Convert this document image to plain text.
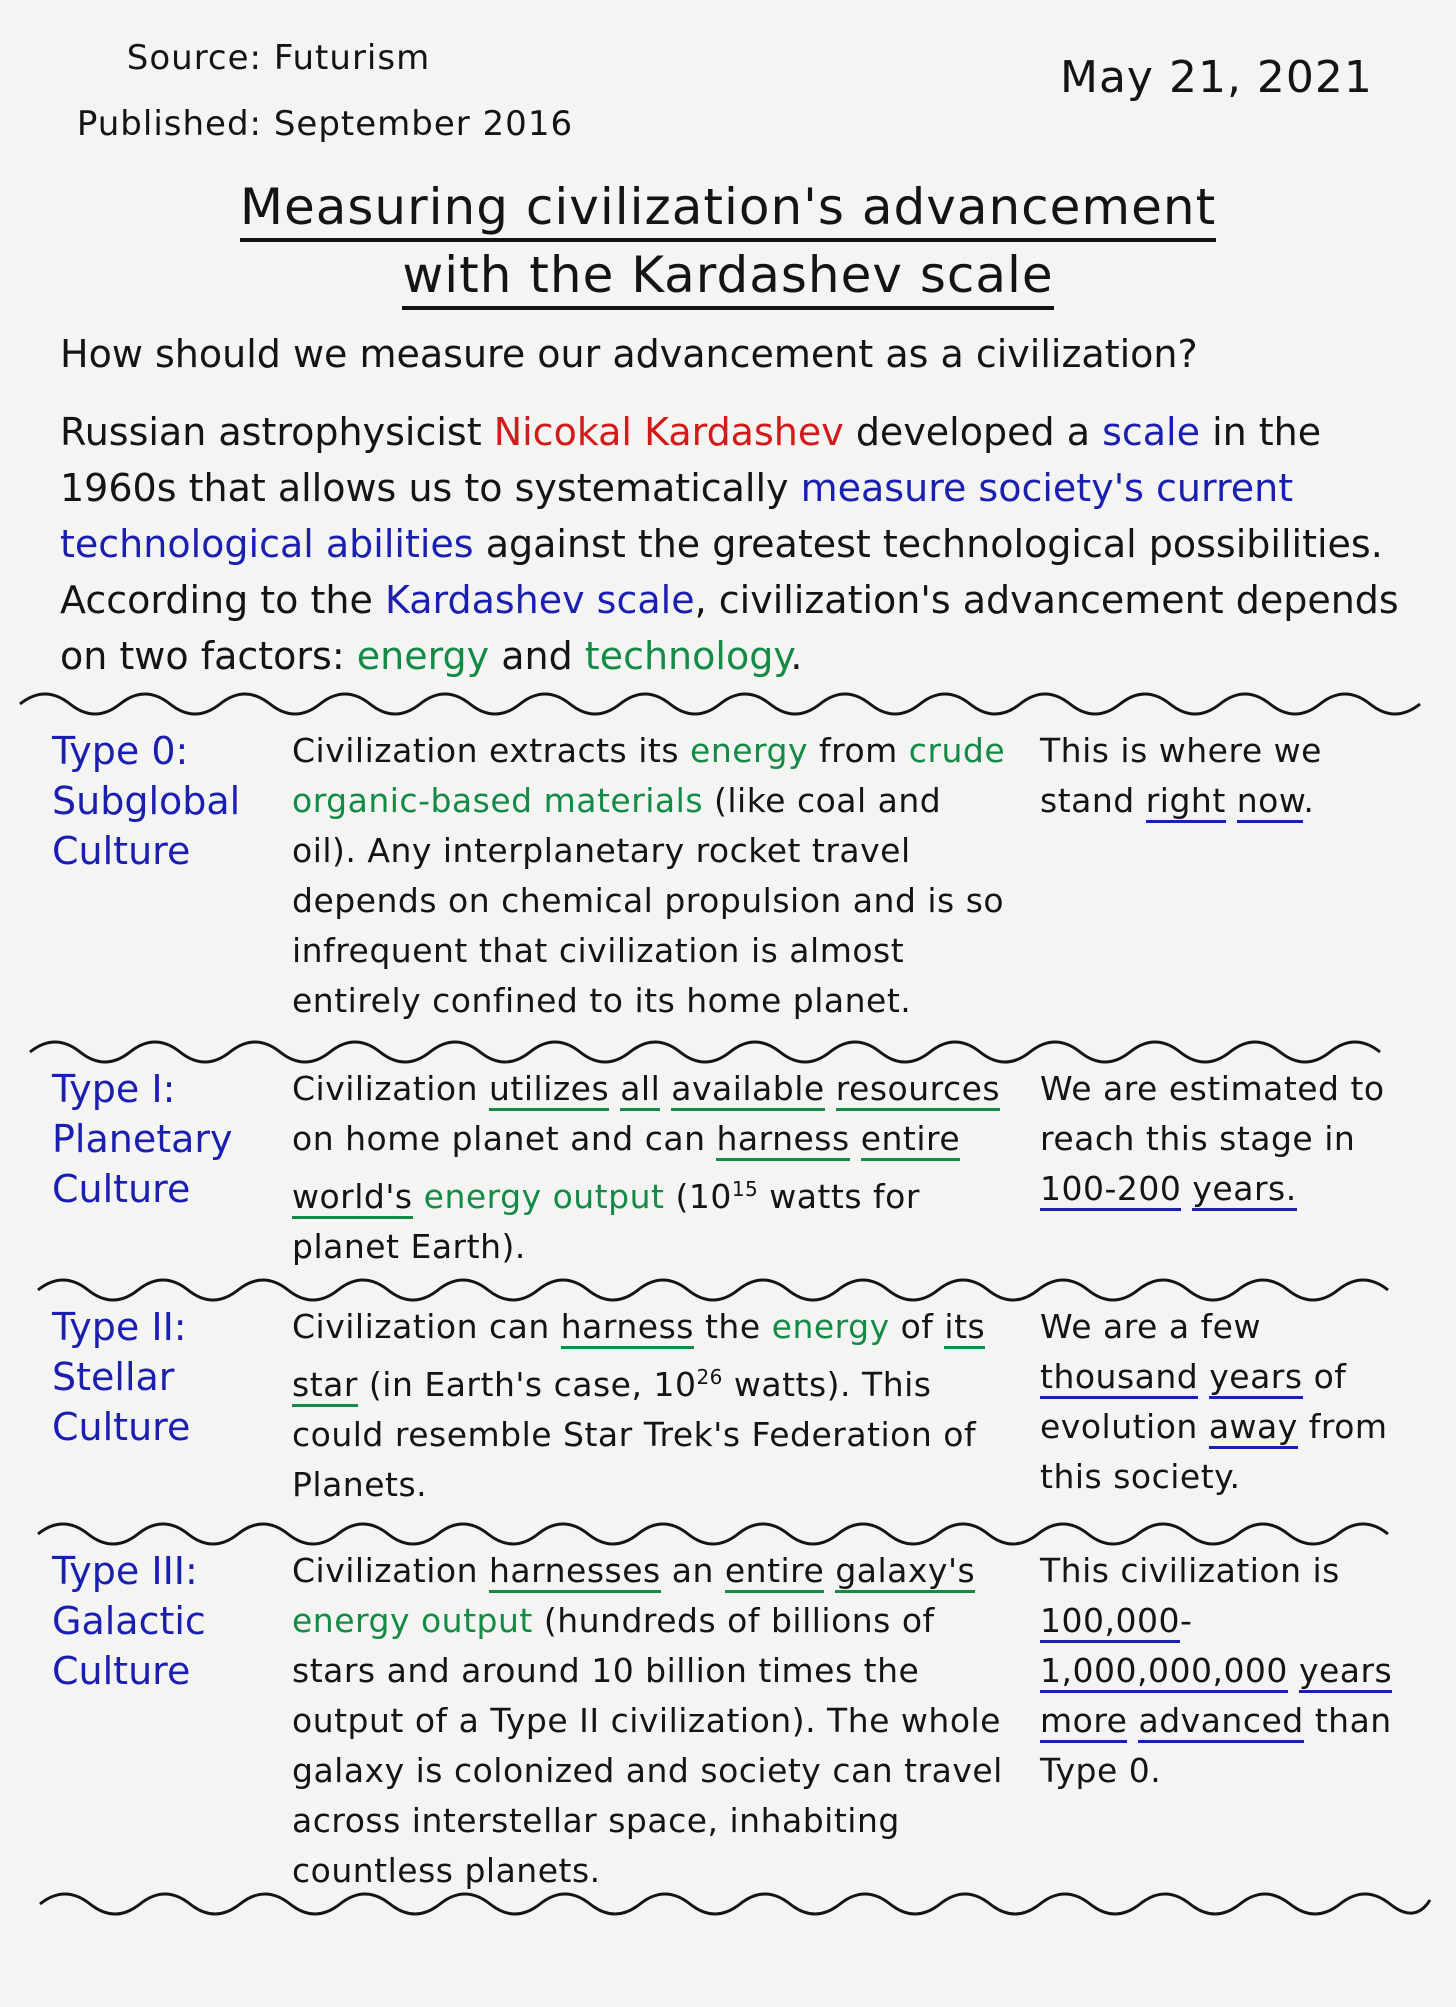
Source: Futurism
Published: September 2016
May 21, 2021
Measuring civilization's advancement
with the Kardashev scale
How should we measure our advancement as a civilization?
Russian astrophysicist Nicokal Kardashev developed a scale in the 1960s that allows us to systematically measure society's current technological abilities against the greatest technological possibilities. According to the Kardashev scale, civilization's advancement depends on two factors: energy and technology.
Type 0:
Subglobal
Culture
Civilization extracts its energy from crude organic-based materials (like coal and oil). Any interplanetary rocket travel depends on chemical propulsion and is so infrequent that civilization is almost entirely confined to its home planet.
This is where we stand right now.
Type I:
Planetary
Culture
Civilization utilizes all available resources on home planet and can harness entire world's energy output ($10^{15}$ watts for planet Earth).
We are estimated to reach this stage in 100-200 years.
Type II:
Stellar
Culture
Civilization can harness the energy of its star (in Earth's case, $10^{26}$ watts). This could resemble Star Trek's Federation of Planets.
We are a few thousand years of evolution away from this society.
Type III:
Galactic
Culture
Civilization harnesses an entire galaxy's energy output (hundreds of billions of stars and around 10 billion times the output of a Type II civilization). The whole galaxy is colonized and society can travel across interstellar space, inhabiting countless planets.
This civilization is 100,000-1,000,000,000 years more advanced than Type 0.
